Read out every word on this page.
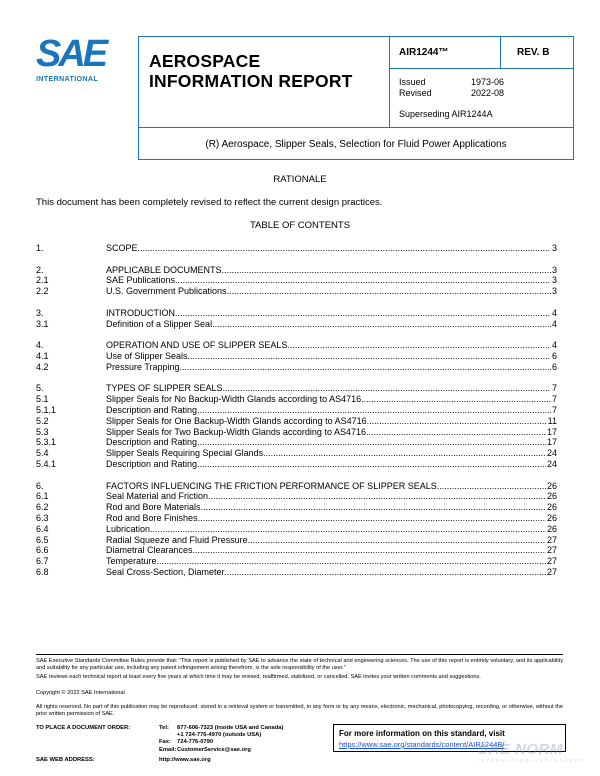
SAE
INTERNATIONAL
AEROSPACE
INFORMATION REPORT
AIR1244™	REV. B
Issued	1973-06
Revised	2022-08
Superseding AIR1244A
(R) Aerospace, Slipper Seals, Selection for Fluid Power Applications
RATIONALE
This document has been completely revised to reflect the current design practices.
TABLE OF CONTENTS
1.	SCOPE .....	3
2.	APPLICABLE DOCUMENTS .....	3
2.1	SAE Publications .....	3
2.2	U.S. Government Publications .....	3
3.	INTRODUCTION .....	4
3.1	Definition of a Slipper Seal .....	4
4.	OPERATION AND USE OF SLIPPER SEALS .....	4
4.1	Use of Slipper Seals .....	6
4.2	Pressure Trapping .....	6
5.	TYPES OF SLIPPER SEALS .....	7
5.1	Slipper Seals for No Backup-Width Glands according to AS4716 .....	7
5.1.1	Description and Rating .....	7
5.2	Slipper Seals for One Backup-Width Glands according to AS4716 .....	11
5.3	Slipper Seals for Two Backup-Width Glands according to AS4716 .....	17
5.3.1	Description and Rating .....	17
5.4	Slipper Seals Requiring Special Glands .....	24
5.4.1	Description and Rating .....	24
6.	FACTORS INFLUENCING THE FRICTION PERFORMANCE OF SLIPPER SEALS .....	26
6.1	Seal Material and Friction .....	26
6.2	Rod and Bore Materials .....	26
6.3	Rod and Bore Finishes .....	26
6.4	Lubrication .....	26
6.5	Radial Squeeze and Fluid Pressure .....	27
6.6	Diametral Clearances .....	27
6.7	Temperature .....	27
6.8	Seal Cross-Section, Diameter .....	27
SAE Executive Standards Committee Rules provide that: “This report is published by SAE to advance the state of technical and engineering sciences. The use of this report is entirely voluntary, and its applicability and suitability for any particular use, including any patent infringement arising therefrom, is the sole responsibility of the user.”
SAE reviews each technical report at least every five years at which time it may be revised, reaffirmed, stabilized, or cancelled. SAE invites your written comments and suggestions.
Copyright © 2022 SAE International
All rights reserved. No part of this publication may be reproduced, stored in a retrieval system or transmitted, in any form or by any means, electronic, mechanical, photocopying, recording, or otherwise, without the prior written permission of SAE.
TO PLACE A DOCUMENT ORDER:	Tel:	877-606-7323 (inside USA and Canada)
+1 724-776-4970 (outside USA)
Fax:	724-776-0790
Email: CustomerService@sae.org
SAE WEB ADDRESS:	http://www.sae.org
For more information on this standard, visit
https://www.sae.org/standards/content/AIR1244B/
SAE NORM
INTERNATIONAL STANDARDS
